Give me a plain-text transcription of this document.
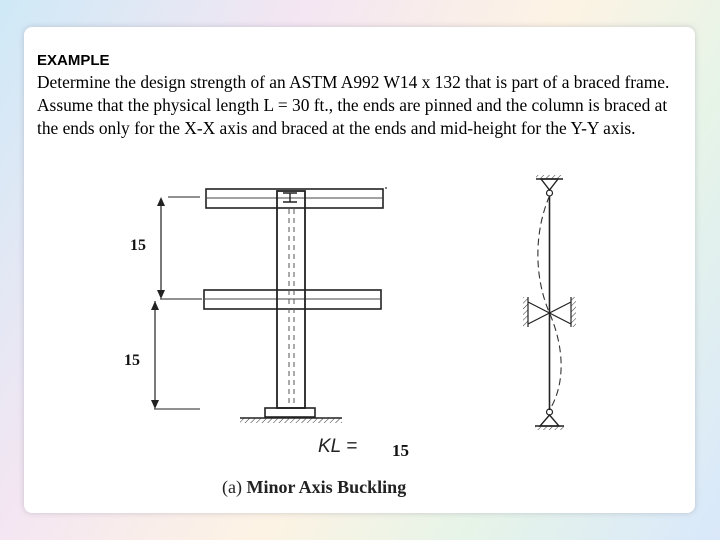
EXAMPLE
Determine the design strength of an ASTM A992 W14 x 132 that is part of a braced frame. Assume that the physical length L = 30 ft., the ends are pinned and the column is braced at the ends only for the X-X axis and braced at the ends and mid-height for the Y-Y axis.
15
15
KL = 15
(a) Minor Axis Buckling
